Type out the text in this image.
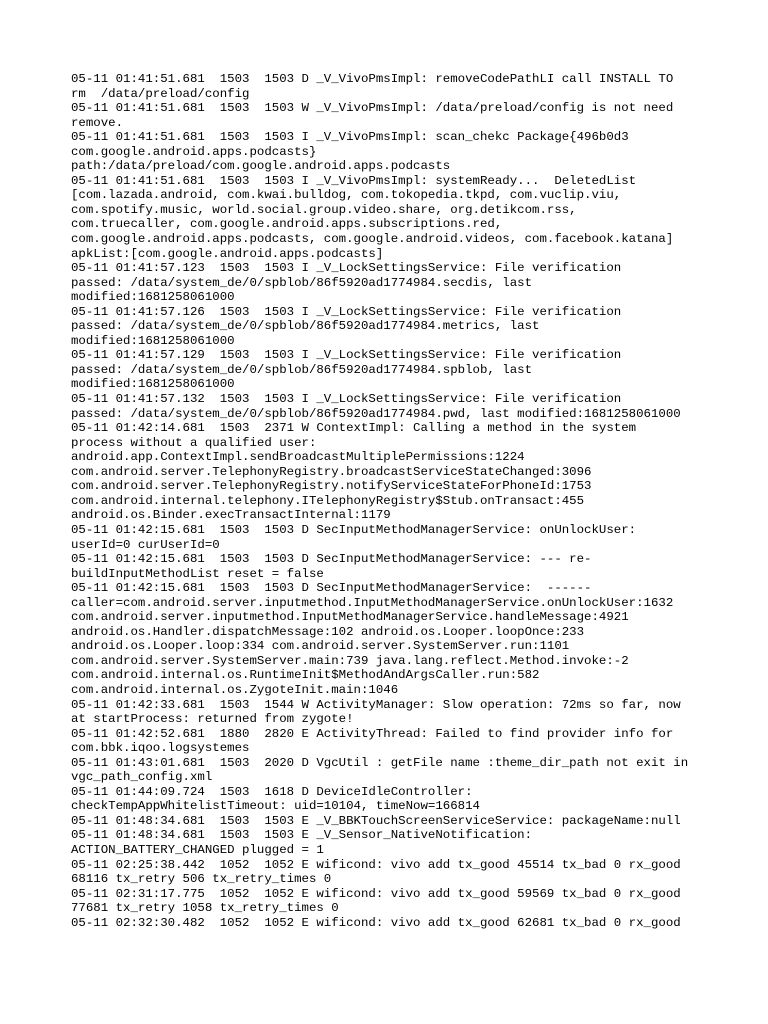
05-11 01:41:51.681  1503  1503 D _V_VivoPmsImpl: removeCodePathLI call INSTALL TO
rm  /data/preload/config
05-11 01:41:51.681  1503  1503 W _V_VivoPmsImpl: /data/preload/config is not need
remove.
05-11 01:41:51.681  1503  1503 I _V_VivoPmsImpl: scan_chekc Package{496b0d3
com.google.android.apps.podcasts}
path:/data/preload/com.google.android.apps.podcasts
05-11 01:41:51.681  1503  1503 I _V_VivoPmsImpl: systemReady...  DeletedList
[com.lazada.android, com.kwai.bulldog, com.tokopedia.tkpd, com.vuclip.viu,
com.spotify.music, world.social.group.video.share, org.detikcom.rss,
com.truecaller, com.google.android.apps.subscriptions.red,
com.google.android.apps.podcasts, com.google.android.videos, com.facebook.katana]
apkList:[com.google.android.apps.podcasts]
05-11 01:41:57.123  1503  1503 I _V_LockSettingsService: File verification
passed: /data/system_de/0/spblob/86f5920ad1774984.secdis, last
modified:1681258061000
05-11 01:41:57.126  1503  1503 I _V_LockSettingsService: File verification
passed: /data/system_de/0/spblob/86f5920ad1774984.metrics, last
modified:1681258061000
05-11 01:41:57.129  1503  1503 I _V_LockSettingsService: File verification
passed: /data/system_de/0/spblob/86f5920ad1774984.spblob, last
modified:1681258061000
05-11 01:41:57.132  1503  1503 I _V_LockSettingsService: File verification
passed: /data/system_de/0/spblob/86f5920ad1774984.pwd, last modified:1681258061000
05-11 01:42:14.681  1503  2371 W ContextImpl: Calling a method in the system
process without a qualified user:
android.app.ContextImpl.sendBroadcastMultiplePermissions:1224
com.android.server.TelephonyRegistry.broadcastServiceStateChanged:3096
com.android.server.TelephonyRegistry.notifyServiceStateForPhoneId:1753
com.android.internal.telephony.ITelephonyRegistry$Stub.onTransact:455
android.os.Binder.execTransactInternal:1179
05-11 01:42:15.681  1503  1503 D SecInputMethodManagerService: onUnlockUser:
userId=0 curUserId=0
05-11 01:42:15.681  1503  1503 D SecInputMethodManagerService: --- re-
buildInputMethodList reset = false
05-11 01:42:15.681  1503  1503 D SecInputMethodManagerService:  ------
caller=com.android.server.inputmethod.InputMethodManagerService.onUnlockUser:1632
com.android.server.inputmethod.InputMethodManagerService.handleMessage:4921
android.os.Handler.dispatchMessage:102 android.os.Looper.loopOnce:233
android.os.Looper.loop:334 com.android.server.SystemServer.run:1101
com.android.server.SystemServer.main:739 java.lang.reflect.Method.invoke:-2
com.android.internal.os.RuntimeInit$MethodAndArgsCaller.run:582
com.android.internal.os.ZygoteInit.main:1046
05-11 01:42:33.681  1503  1544 W ActivityManager: Slow operation: 72ms so far, now
at startProcess: returned from zygote!
05-11 01:42:52.681  1880  2820 E ActivityThread: Failed to find provider info for
com.bbk.iqoo.logsystemes
05-11 01:43:01.681  1503  2020 D VgcUtil : getFile name :theme_dir_path not exit in
vgc_path_config.xml
05-11 01:44:09.724  1503  1618 D DeviceIdleController:
checkTempAppWhitelistTimeout: uid=10104, timeNow=166814
05-11 01:48:34.681  1503  1503 E _V_BBKTouchScreenServiceService: packageName:null
05-11 01:48:34.681  1503  1503 E _V_Sensor_NativeNotification:
ACTION_BATTERY_CHANGED plugged = 1
05-11 02:25:38.442  1052  1052 E wificond: vivo add tx_good 45514 tx_bad 0 rx_good
68116 tx_retry 506 tx_retry_times 0
05-11 02:31:17.775  1052  1052 E wificond: vivo add tx_good 59569 tx_bad 0 rx_good
77681 tx_retry 1058 tx_retry_times 0
05-11 02:32:30.482  1052  1052 E wificond: vivo add tx_good 62681 tx_bad 0 rx_good
